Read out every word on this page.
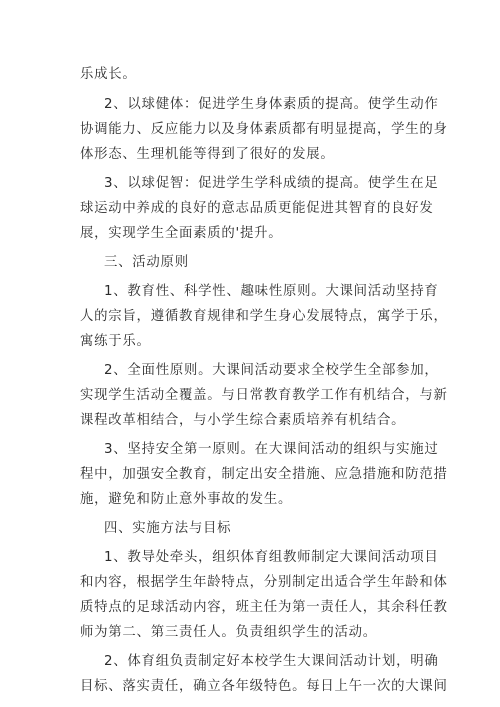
乐成长。
2、以球健体：促进学生身体素质的提高。使学生动作
协调能力、反应能力以及身体素质都有明显提高，学生的身
体形态、生理机能等得到了很好的发展。
3、以球促智：促进学生学科成绩的提高。使学生在足
球运动中养成的良好的意志品质更能促进其智育的良好发
展，实现学生全面素质的'提升。
三、活动原则
1、教育性、科学性、趣味性原则。大课间活动坚持育
人的宗旨，遵循教育规律和学生身心发展特点，寓学于乐，
寓练于乐。
2、全面性原则。大课间活动要求全校学生全部参加，
实现学生活动全覆盖。与日常教育教学工作有机结合，与新
课程改革相结合，与小学生综合素质培养有机结合。
3、坚持安全第一原则。在大课间活动的组织与实施过
程中，加强安全教育，制定出安全措施、应急措施和防范措
施，避免和防止意外事故的发生。
四、实施方法与目标
1、教导处牵头，组织体育组教师制定大课间活动项目
和内容，根据学生年龄特点，分别制定出适合学生年龄和体
质特点的足球活动内容，班主任为第一责任人，其余科任教
师为第二、第三责任人。负责组织学生的活动。
2、体育组负责制定好本校学生大课间活动计划，明确
目标、落实责任，确立各年级特色。每日上午一次的大课间
